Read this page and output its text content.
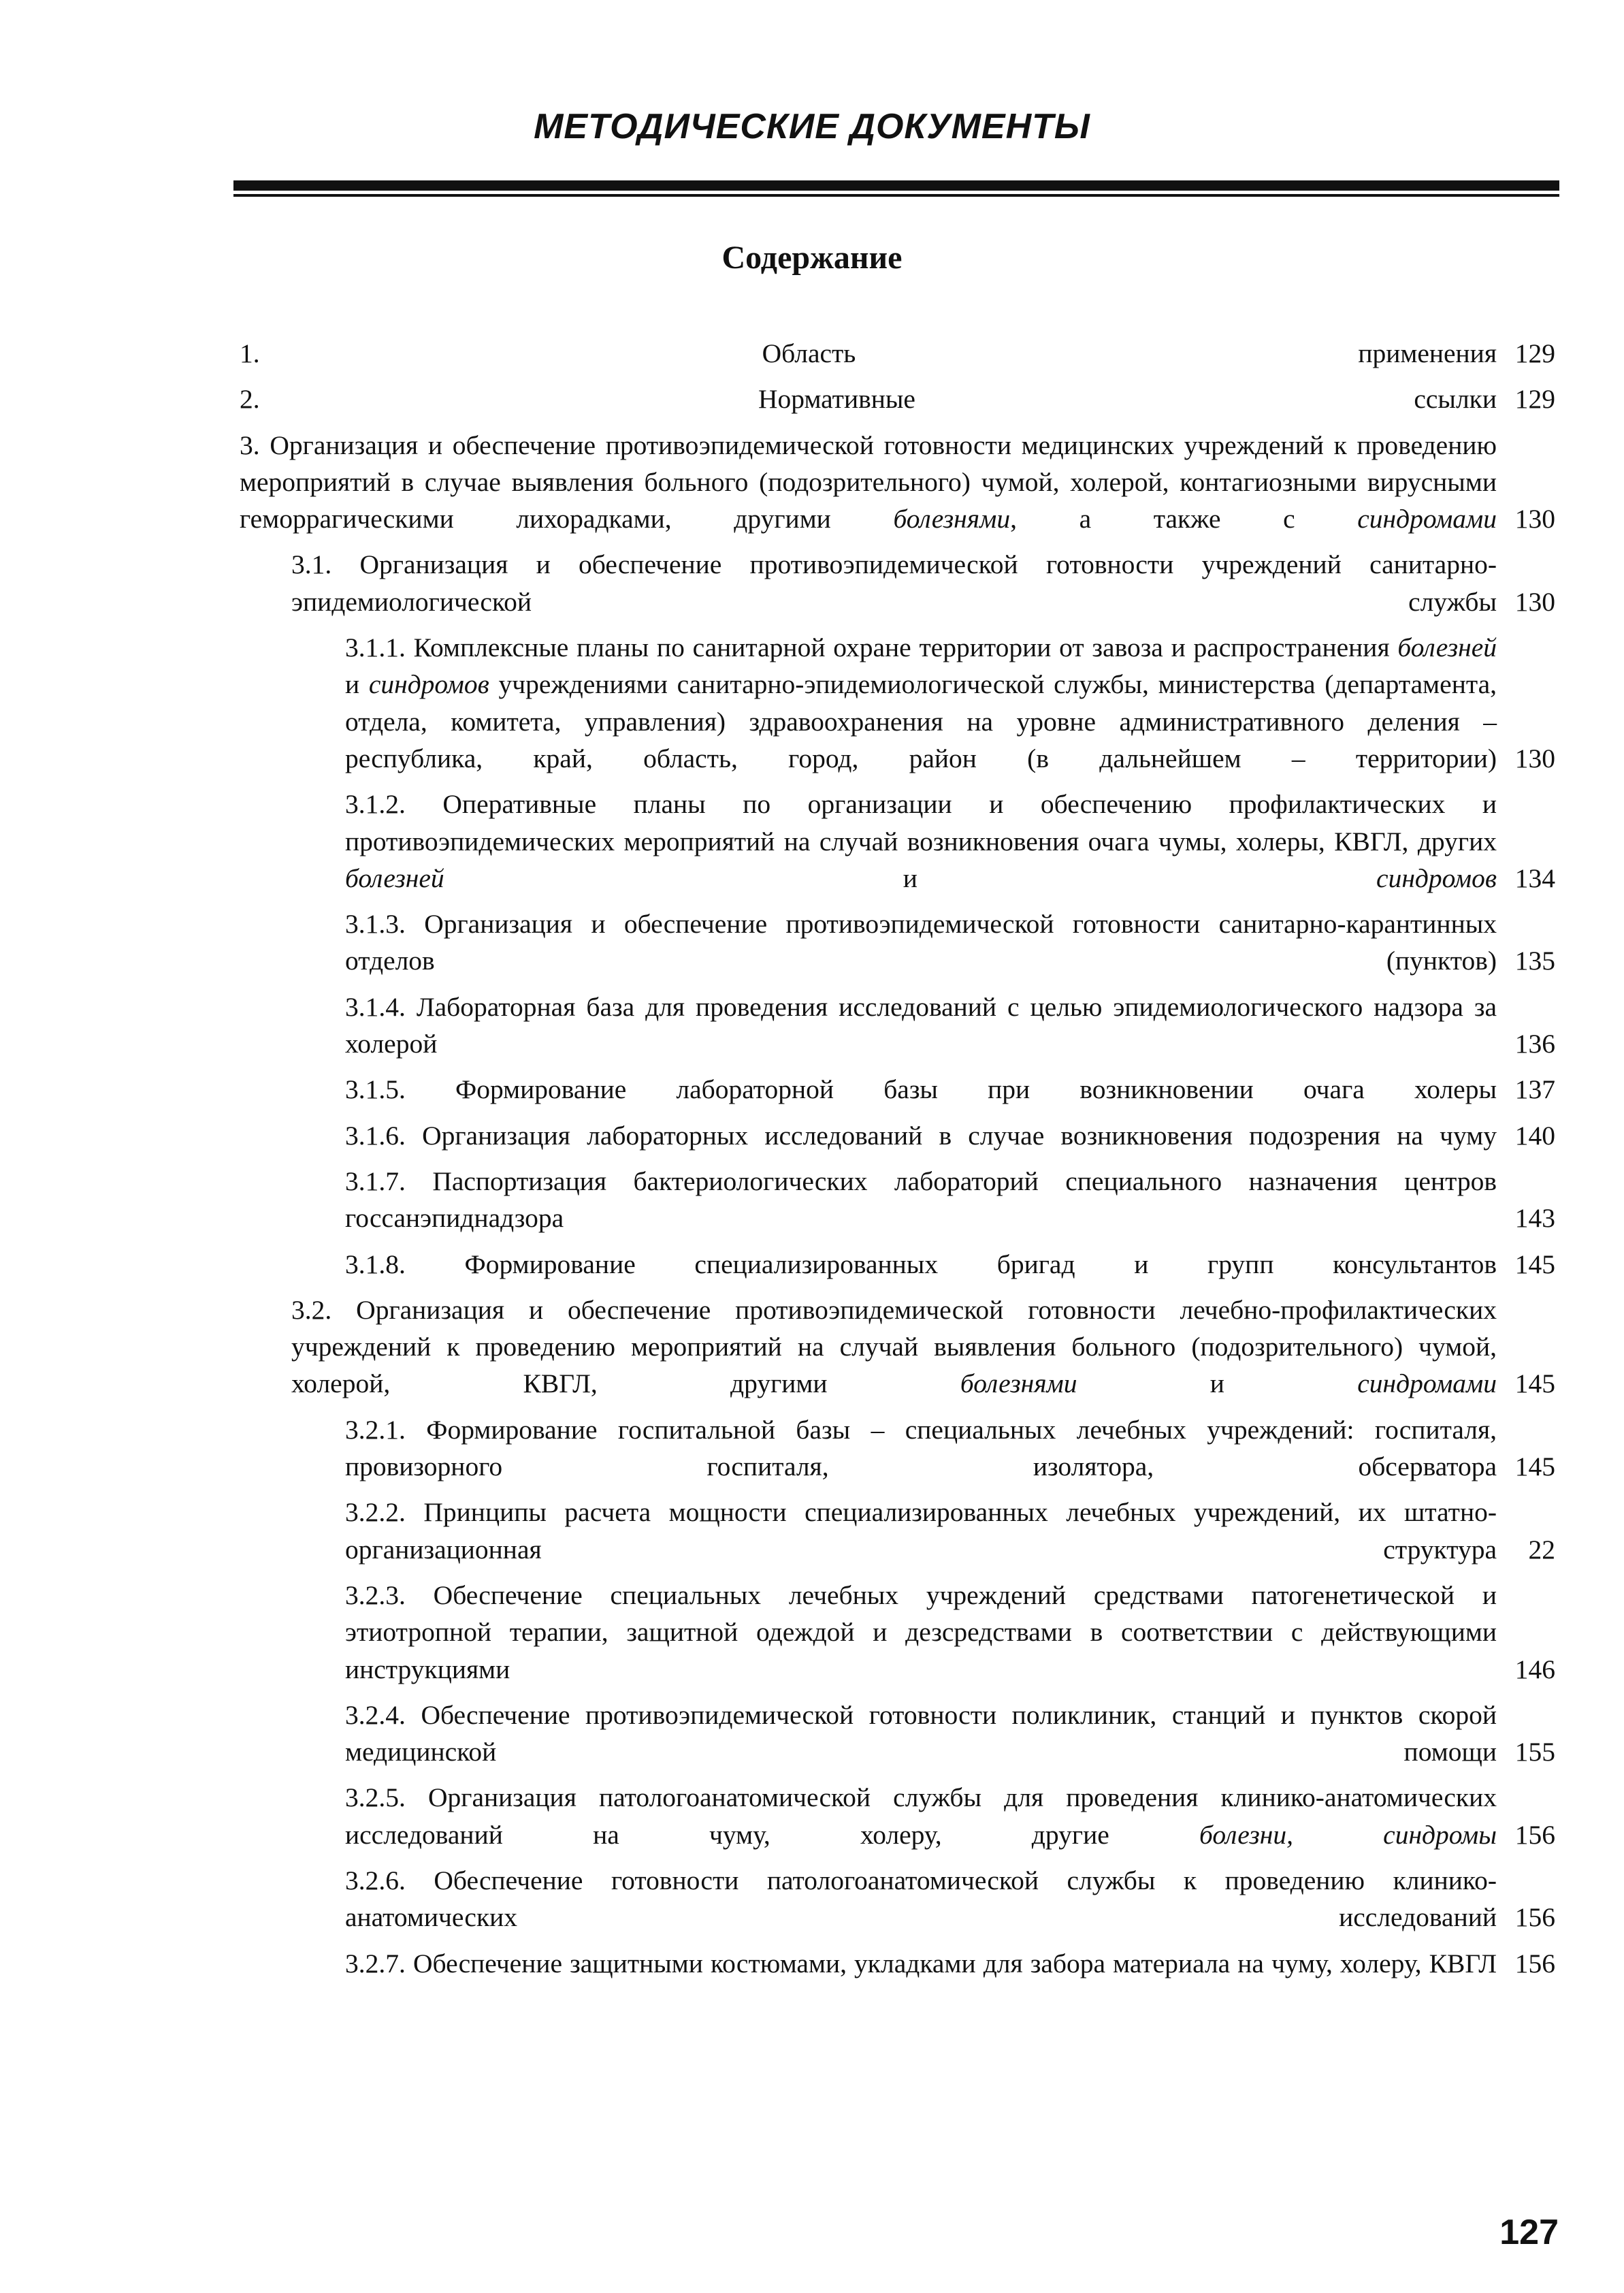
МЕТОДИЧЕСКИЕ ДОКУМЕНТЫ
Содержание
1. Область применения 129
2. Нормативные ссылки 129
3. Организация и обеспечение противоэпидемической готовности медицинских учреждений к проведению мероприятий в случае выявления больного (подозрительного) чумой, холерой, контагиозными вирусными геморрагическими лихорадками, другими болезнями, а также с синдромами 130
3.1. Организация и обеспечение противоэпидемической готовности учреждений санитарно-эпидемиологической службы 130
3.1.1. Комплексные планы по санитарной охране территории от завоза и распространения болезней и синдромов учреждениями санитарно-эпидемиологической службы, министерства (департамента, отдела, комитета, управления) здравоохранения на уровне административного деления – республика, край, область, город, район (в дальнейшем – территории) 130
3.1.2. Оперативные планы по организации и обеспечению профилактических и противоэпидемических мероприятий на случай возникновения очага чумы, холеры, КВГЛ, других болезней и синдромов 134
3.1.3. Организация и обеспечение противоэпидемической готовности санитарно-карантинных отделов (пунктов) 135
3.1.4. Лабораторная база для проведения исследований с целью эпидемиологического надзора за холерой	136
3.1.5. Формирование лабораторной базы при возникновении очага холеры 137
3.1.6. Организация лабораторных исследований в случае возникновения подозрения на чуму 140
3.1.7. Паспортизация бактериологических лабораторий специального назначения центров госсанэпиднадзора	143
3.1.8. Формирование специализированных бригад и групп консультантов 145
3.2. Организация и обеспечение противоэпидемической готовности лечебно-профилактических учреждений к проведению мероприятий на случай выявления больного (подозрительного) чумой, холерой, КВГЛ, другими болезнями и синдромами 145
3.2.1. Формирование госпитальной базы – специальных лечебных учреждений: госпиталя, провизорного госпиталя, изолятора, обсерватора 145
3.2.2. Принципы расчета мощности специализированных лечебных учреждений, их штатно-организационная структура	22
3.2.3. Обеспечение специальных лечебных учреждений средствами патогенетической и этиотропной терапии, защитной одеждой и дезсредствами в соответствии с действующими инструкциями	146
3.2.4. Обеспечение противоэпидемической готовности поликлиник, станций и пунктов скорой медицинской помощи 155
3.2.5. Организация патологоанатомической службы для проведения клинико-анатомических исследований на чуму, холеру, другие болезни, синдромы 156
3.2.6. Обеспечение готовности патологоанатомической службы к проведению клинико-анатомических исследований 156
3.2.7. Обеспечение защитными костюмами, укладками для забора материала на чуму, холеру, КВГЛ 156
127
